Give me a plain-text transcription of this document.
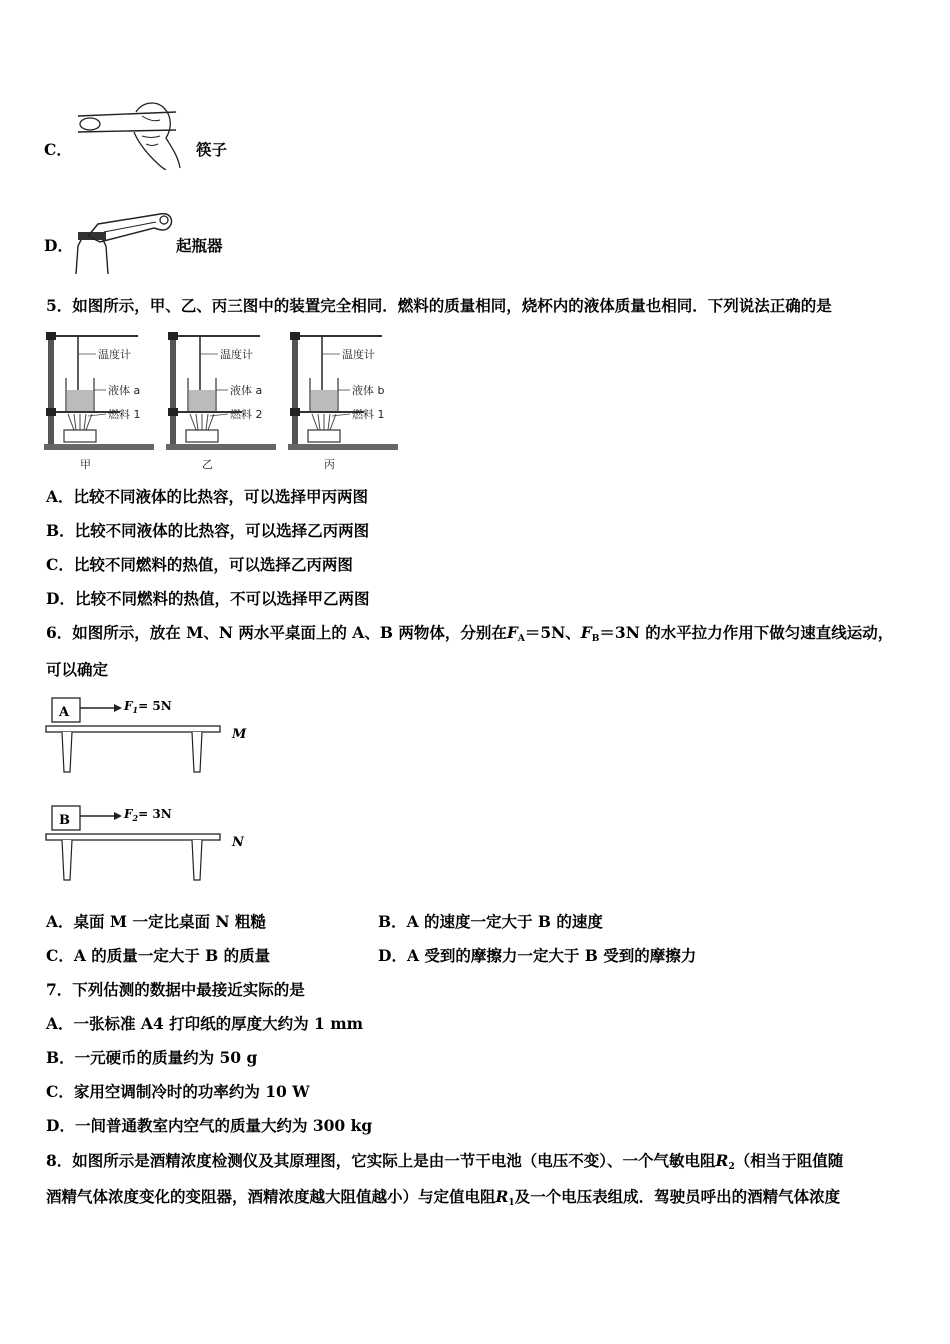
C．	筷子
D．	起瓶器
5．如图所示，甲、乙、丙三图中的装置完全相同．燃料的质量相同，烧杯内的液体质量也相同．下列说法正确的是
温度计
液体 a
燃料 1
甲
温度计
液体 a
燃料 2
乙
温度计
液体 b
燃料 1
丙
A．比较不同液体的比热容，可以选择甲丙两图
B．比较不同液体的比热容，可以选择乙丙两图
C．比较不同燃料的热值，可以选择乙丙两图
D．比较不同燃料的热值，不可以选择甲乙两图
6．如图所示，放在 M、N 两水平桌面上的 A、B 两物体，分别在$F_A=5N$、$F_B=3N$ 的水平拉力作用下做匀速直线运动，
可以确定
A	$F_1= 5N$
M
B	$F_2= 3N$
N
A．桌面 M 一定比桌面 N 粗糙	B．A 的速度一定大于 B 的速度
C．A 的质量一定大于 B 的质量	D．A 受到的摩擦力一定大于 B 受到的摩擦力
7．下列估测的数据中最接近实际的是
A．一张标准 A4 打印纸的厚度大约为 1 mm
B．一元硬币的质量约为 50 g
C．家用空调制冷时的功率约为 10 W
D．一间普通教室内空气的质量大约为 300 kg
8．如图所示是酒精浓度检测仪及其原理图，它实际上是由一节干电池（电压不变）、一个气敏电阻$R_2$（相当于阻值随
酒精气体浓度变化的变阻器，酒精浓度越大阻值越小）与定值电阻$R_1$及一个电压表组成．驾驶员呼出的酒精气体浓度
